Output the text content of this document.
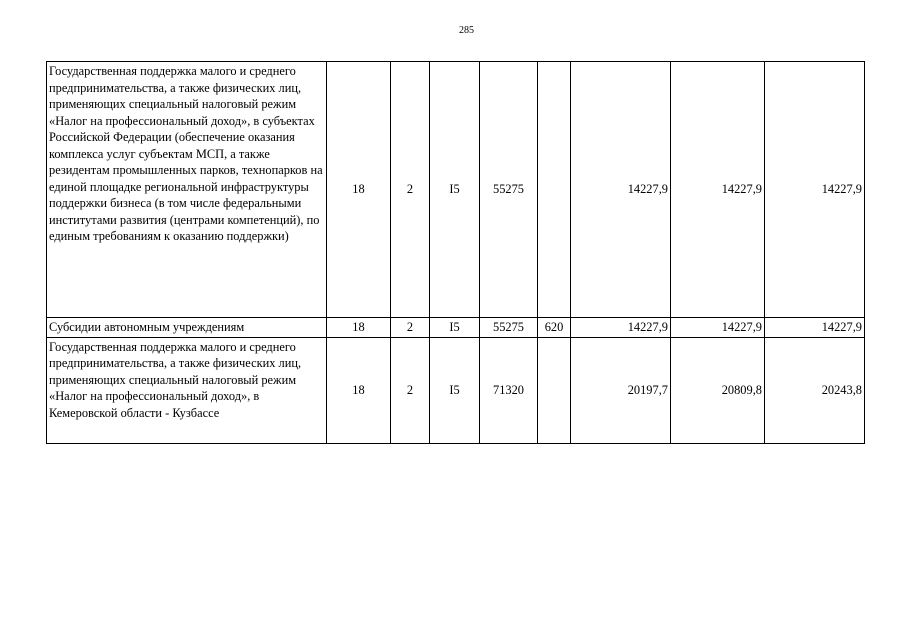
285
Государственная поддержка малого и среднего предпринимательства, а также физических лиц, применяющих специальный налоговый режим «Налог на профессиональный доход», в субъектах Российской Федерации (обеспечение оказания комплекса услуг субъектам МСП, а также резидентам промышленных парков, технопарков на единой площадке региональной инфраструктуры поддержки бизнеса (в том числе федеральными институтами развития (центрами компетенций), по единым требованиям к оказанию поддержки)	18	2	I5	55275		14227,9	14227,9	14227,9
Субсидии автономным учреждениям	18	2	I5	55275	620	14227,9	14227,9	14227,9
Государственная поддержка малого и среднего предпринимательства, а также физических лиц, применяющих специальный налоговый режим «Налог на профессиональный доход», в Кемеровской области - Кузбассе	18	2	I5	71320		20197,7	20809,8	20243,8
